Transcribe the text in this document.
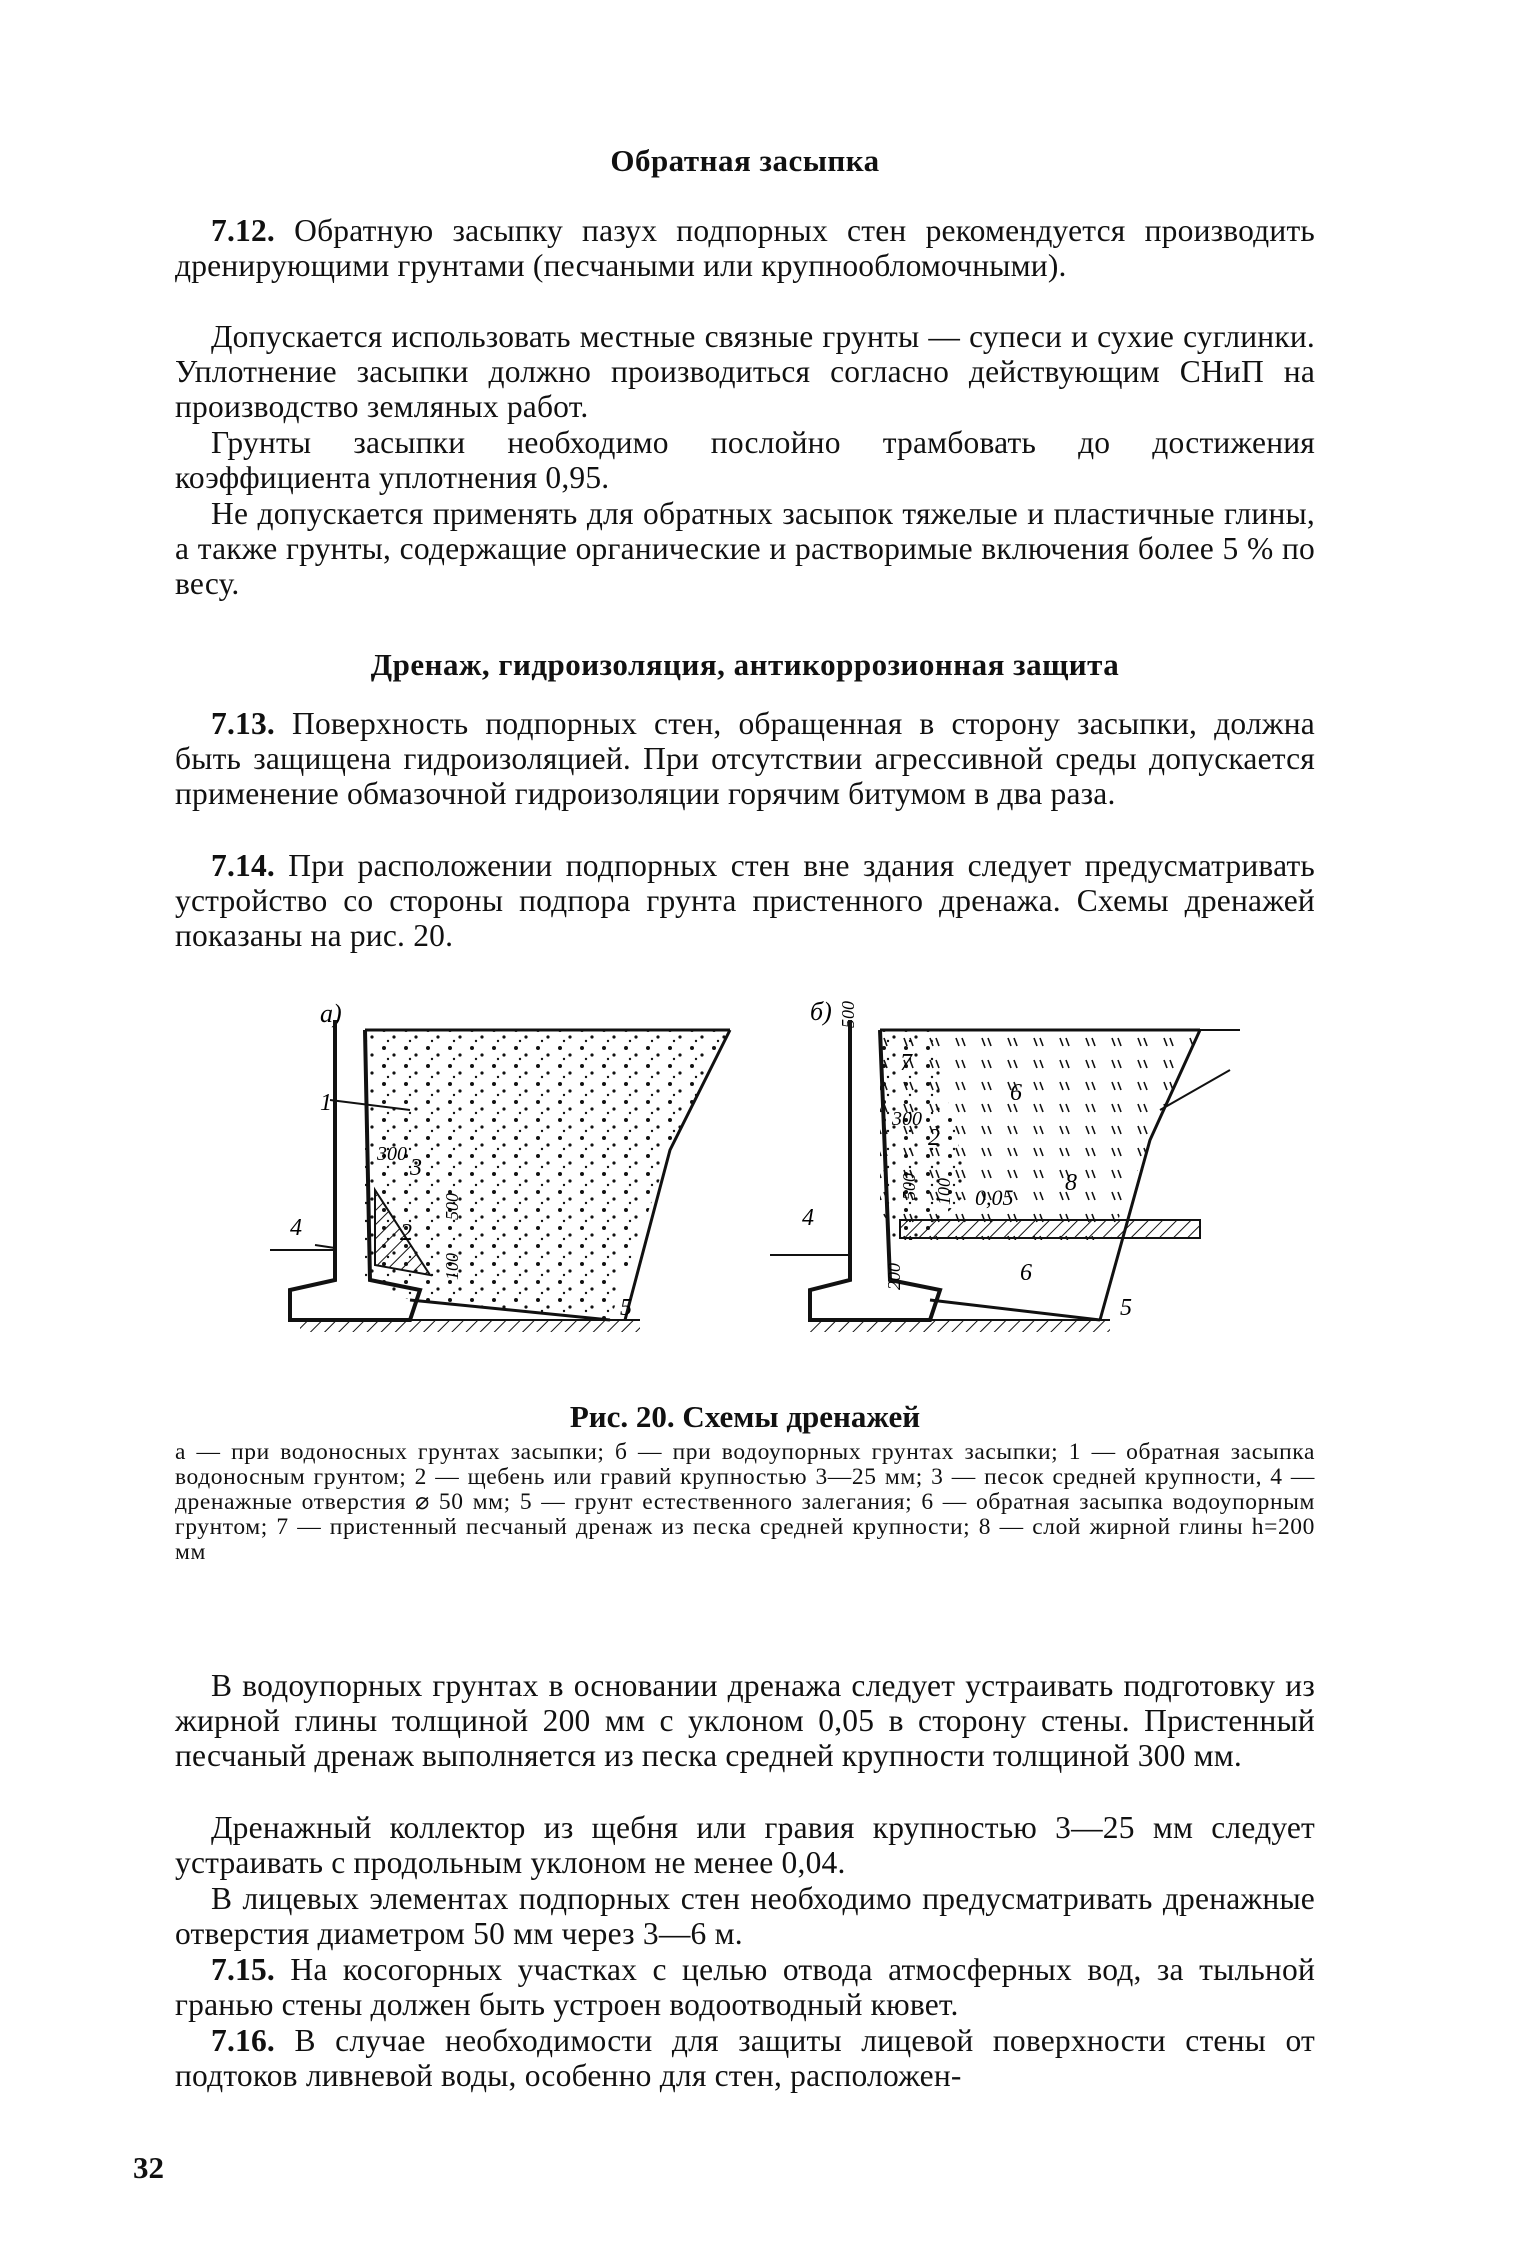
Обратная засыпка

7.12. Обратную засыпку пазух подпорных стен рекомендуется производить дренирующими грунтами (песчаными или крупнообломочными).

Допускается использовать местные связные грунты — супеси и сухие суглинки. Уплотнение засыпки должно производиться согласно действующим СНиП на производство земляных работ.

Грунты засыпки необходимо послойно трамбовать до достижения коэффициента уплотнения 0,95.

Не допускается применять для обратных засыпок тяжелые и пластичные глины, а также грунты, содержащие органические и растворимые включения более 5 % по весу.

Дренаж, гидроизоляция, антикоррозионная защита

7.13. Поверхность подпорных стен, обращенная в сторону засыпки, должна быть защищена гидроизоляцией. При отсутствии агрессивной среды допускается применение обмазочной гидроизоляции горячим битумом в два раза.

7.14. При расположении подпорных стен вне здания следует предусматривать устройство со стороны подпора грунта пристенного дренажа. Схемы дренажей показаны на рис. 20.

а)
1
2
3
4
5
300
500
100
б) 500
4
5
6
6
7
8
2
300
500 100
200
0,05

Рис. 20. Схемы дренажей

а — при водоносных грунтах засыпки; б — при водоупорных грунтах засыпки; 1 — обратная засыпка водоносным грунтом; 2 — щебень или гравий крупностью 3—25 мм; 3 — песок средней крупности, 4 — дренажные отверстия ⌀ 50 мм; 5 — грунт естественного залегания; 6 — обратная засыпка водоупорным грунтом; 7 — пристенный песчаный дренаж из песка средней крупности; 8 — слой жирной глины h=200 мм

В водоупорных грунтах в основании дренажа следует устраивать подготовку из жирной глины толщиной 200 мм с уклоном 0,05 в сторону стены. Пристенный песчаный дренаж выполняется из песка средней крупности толщиной 300 мм.

Дренажный коллектор из щебня или гравия крупностью 3—25 мм следует устраивать с продольным уклоном не менее 0,04.

В лицевых элементах подпорных стен необходимо предусматривать дренажные отверстия диаметром 50 мм через 3—6 м.

7.15. На косогорных участках с целью отвода атмосферных вод, за тыльной гранью стены должен быть устроен водоотводный кювет.

7.16. В случае необходимости для защиты лицевой поверхности стены от подтоков ливневой воды, особенно для стен, расположен-

32
